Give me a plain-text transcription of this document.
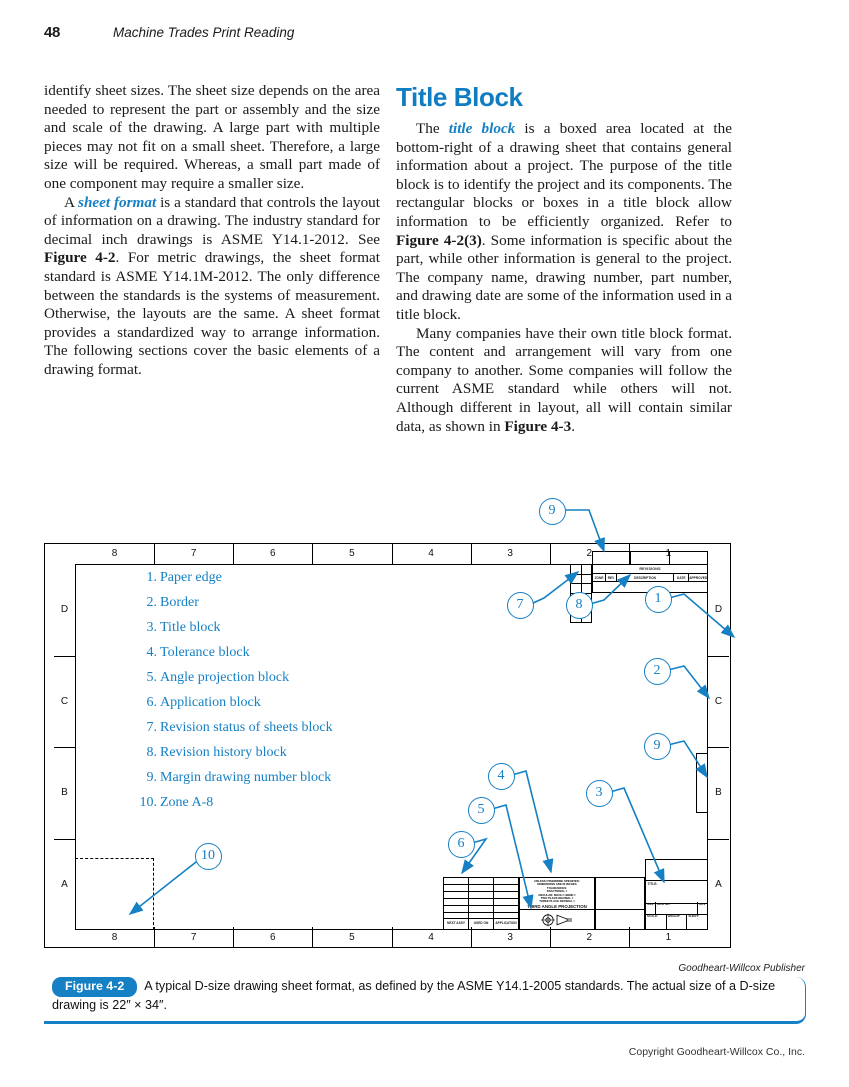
48	Machine Trades Print Reading

identify sheet sizes. The sheet size depends on the area needed to represent the part or assembly and the size and scale of the drawing. A large part with multiple pieces may not fit on a small sheet. Therefore, a large size will be required. Whereas, a small part made of one component may require a smaller size.

A sheet format is a standard that controls the layout of information on a drawing. The industry standard for decimal inch drawings is ASME Y14.1-2012. See Figure 4-2. For metric drawings, the sheet format standard is ASME Y14.1M-2012. The only difference between the standards is the systems of measurement. Otherwise, the layouts are the same. A sheet format provides a standardized way to arrange information. The following sections cover the basic elements of a drawing format.

Title Block

The title block is a boxed area located at the bottom-right of a drawing sheet that contains general information about a project. The purpose of the title block is to identify the project and its components. The rectangular blocks or boxes in a title block allow information to be efficiently organized. Refer to Figure 4-2(3). Some information is specific about the part, while other information is general to the project. The company name, drawing number, part number, and drawing date are some of the information used in a title block.

Many companies have their own title block format. The content and arrangement will vary from one company to another. Some companies will follow the current ASME standard while others will not. Although different in layout, all will contain similar data, as shown in Figure 4-3.

8	7	6	5	4	3	2	1
8	7	6	5	4	3	2	1
D
C
B
A
D
C
B
A
1. Paper edge
2. Border
3. Title block
4. Tolerance block
5. Angle projection block
6. Application block
7. Revision status of sheets block
8. Revision history block
9. Margin drawing number block
10. Zone A-8
REVISIONS
ZONE	REV	DESCRIPTION	DATE	APPROVED
NEXT ASSY	USED ON	APPLICATION
UNLESS OTHERWISE SPECIFIED:
DIMENSIONS ARE IN INCHES
TOLERANCES:
FRACTIONAL ±
ANGULAR: MACH ± BEND ±
TWO PLACE DECIMAL ±
THREE PLACE DECIMAL ±
THIRD ANGLE PROJECTION
TITLE:
SIZE	DWG NO.	REV
SCALE:	WEIGHT:	SHEET:
9
7	8	1
2
9
3
4
5
6
10
Goodheart-Willcox Publisher
Figure 4-2 A typical D-size drawing sheet format, as defined by the ASME Y14.1-2005 standards. The actual size of a D-size drawing is 22″ × 34″.
Copyright Goodheart-Willcox Co., Inc.
